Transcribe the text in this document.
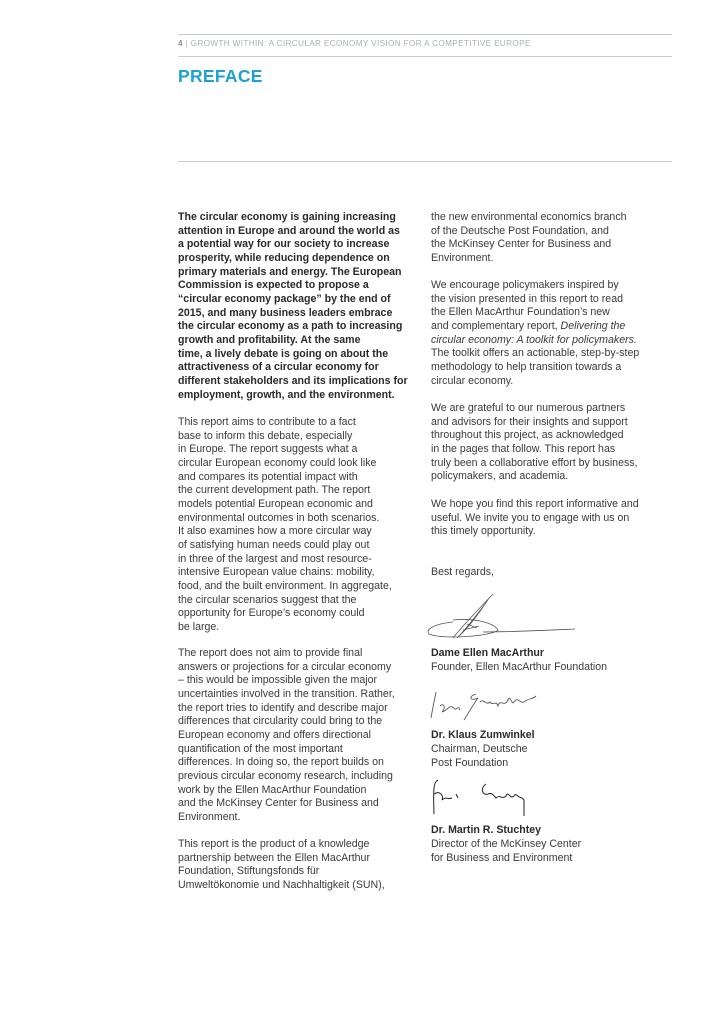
4 | GROWTH WITHIN: A CIRCULAR ECONOMY VISION FOR A COMPETITIVE EUROPE
PREFACE
The circular economy is gaining increasing
attention in Europe and around the world as
a potential way for our society to increase
prosperity, while reducing dependence on
primary materials and energy. The European
Commission is expected to propose a
“circular economy package” by the end of
2015, and many business leaders embrace
the circular economy as a path to increasing
growth and profitability. At the same
time, a lively debate is going on about the
attractiveness of a circular economy for
different stakeholders and its implications for
employment, growth, and the environment.
This report aims to contribute to a fact
base to inform this debate, especially
in Europe. The report suggests what a
circular European economy could look like
and compares its potential impact with
the current development path. The report
models potential European economic and
environmental outcomes in both scenarios.
It also examines how a more circular way
of satisfying human needs could play out
in three of the largest and most resource-
intensive European value chains: mobility,
food, and the built environment. In aggregate,
the circular scenarios suggest that the
opportunity for Europe’s economy could
be large.
The report does not aim to provide final
answers or projections for a circular economy
– this would be impossible given the major
uncertainties involved in the transition. Rather,
the report tries to identify and describe major
differences that circularity could bring to the
European economy and offers directional
quantification of the most important
differences. In doing so, the report builds on
previous circular economy research, including
work by the Ellen MacArthur Foundation
and the McKinsey Center for Business and
Environment.
This report is the product of a knowledge
partnership between the Ellen MacArthur
Foundation, Stiftungsfonds für
Umweltökonomie und Nachhaltigkeit (SUN),
the new environmental economics branch
of the Deutsche Post Foundation, and
the McKinsey Center for Business and
Environment.
We encourage policymakers inspired by
the vision presented in this report to read
the Ellen MacArthur Foundation’s new
and complementary report, Delivering the
circular economy: A toolkit for policymakers.
The toolkit offers an actionable, step-by-step
methodology to help transition towards a
circular economy.
We are grateful to our numerous partners
and advisors for their insights and support
throughout this project, as acknowledged
in the pages that follow. This report has
truly been a collaborative effort by business,
policymakers, and academia.
We hope you find this report informative and
useful. We invite you to engage with us on
this timely opportunity.
Best regards,
Dame Ellen MacArthur
Founder, Ellen MacArthur Foundation
Dr. Klaus Zumwinkel
Chairman, Deutsche
Post Foundation
Dr. Martin R. Stuchtey
Director of the McKinsey Center
for Business and Environment
